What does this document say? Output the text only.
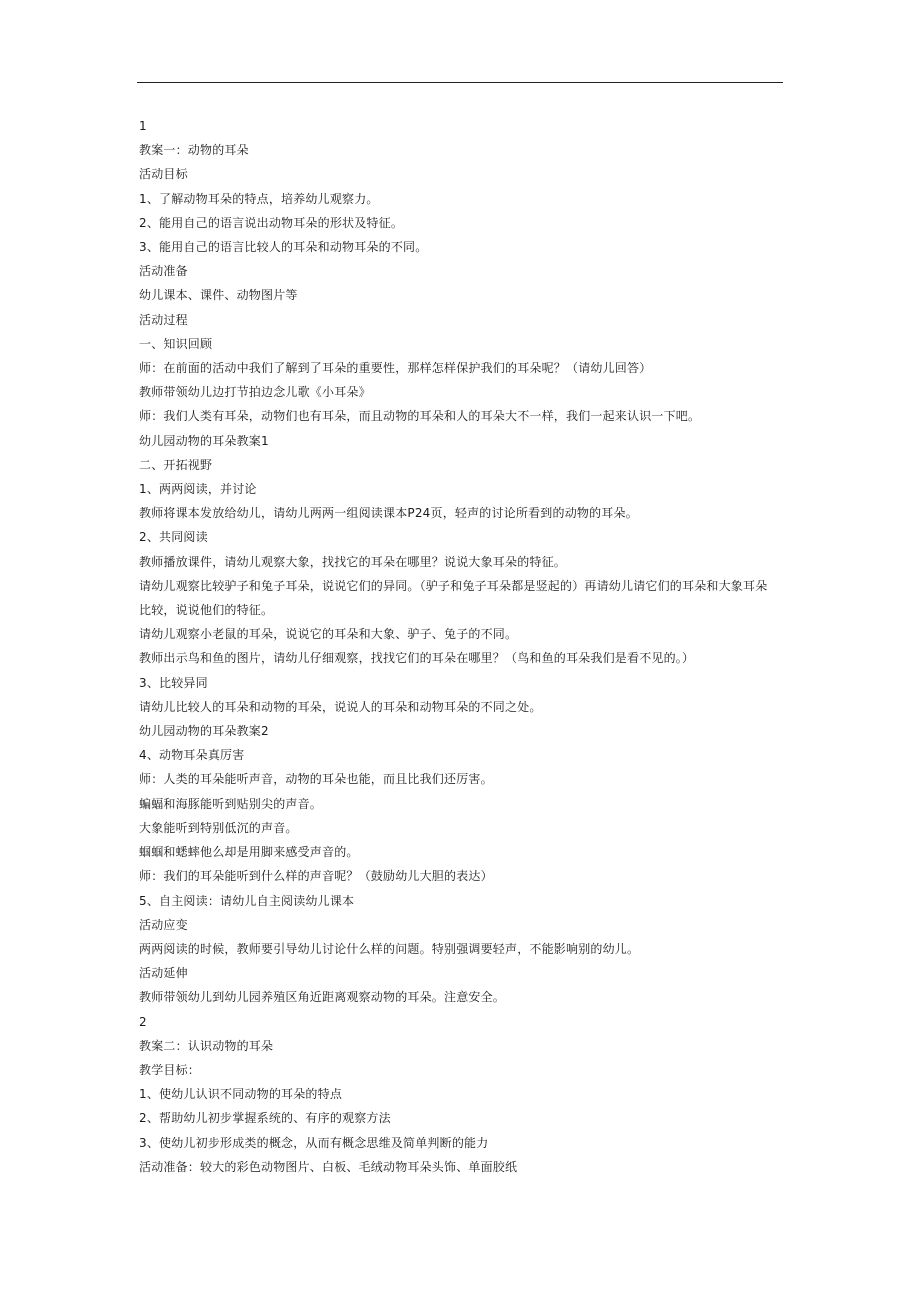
1
教案一：动物的耳朵
活动目标
1、了解动物耳朵的特点，培养幼儿观察力。
2、能用自己的语言说出动物耳朵的形状及特征。
3、能用自己的语言比较人的耳朵和动物耳朵的不同。
活动准备
幼儿课本、课件、动物图片等
活动过程
一、知识回顾
师：在前面的活动中我们了解到了耳朵的重要性，那样怎样保护我们的耳朵呢？（请幼儿回答）
教师带领幼儿边打节拍边念儿歌《小耳朵》
师：我们人类有耳朵，动物们也有耳朵，而且动物的耳朵和人的耳朵大不一样，我们一起来认识一下吧。
幼儿园动物的耳朵教案1
二、开拓视野
1、两两阅读，并讨论
教师将课本发放给幼儿，请幼儿两两一组阅读课本P24页，轻声的讨论所看到的动物的耳朵。
2、共同阅读
教师播放课件，请幼儿观察大象，找找它的耳朵在哪里？说说大象耳朵的特征。
请幼儿观察比较驴子和兔子耳朵，说说它们的异同。（驴子和兔子耳朵都是竖起的）再请幼儿请它们的耳朵和大象耳朵
比较，说说他们的特征。
请幼儿观察小老鼠的耳朵，说说它的耳朵和大象、驴子、兔子的不同。
教师出示鸟和鱼的图片，请幼儿仔细观察，找找它们的耳朵在哪里？（鸟和鱼的耳朵我们是看不见的。）
3、比较异同
请幼儿比较人的耳朵和动物的耳朵，说说人的耳朵和动物耳朵的不同之处。
幼儿园动物的耳朵教案2
4、动物耳朵真厉害
师：人类的耳朵能听声音，动物的耳朵也能，而且比我们还厉害。
蝙蝠和海豚能听到贴别尖的声音。
大象能听到特别低沉的声音。
蝈蝈和蟋蟀他么却是用脚来感受声音的。
师：我们的耳朵能听到什么样的声音呢？（鼓励幼儿大胆的表达）
5、自主阅读：请幼儿自主阅读幼儿课本
活动应变
两两阅读的时候，教师要引导幼儿讨论什么样的问题。特别强调要轻声，不能影响别的幼儿。
活动延伸
教师带领幼儿到幼儿园养殖区角近距离观察动物的耳朵。注意安全。
2
教案二：认识动物的耳朵
教学目标：
1、使幼儿认识不同动物的耳朵的特点
2、帮助幼儿初步掌握系统的、有序的观察方法
3、使幼儿初步形成类的概念，从而有概念思维及简单判断的能力
活动准备：较大的彩色动物图片、白板、毛绒动物耳朵头饰、单面胶纸
